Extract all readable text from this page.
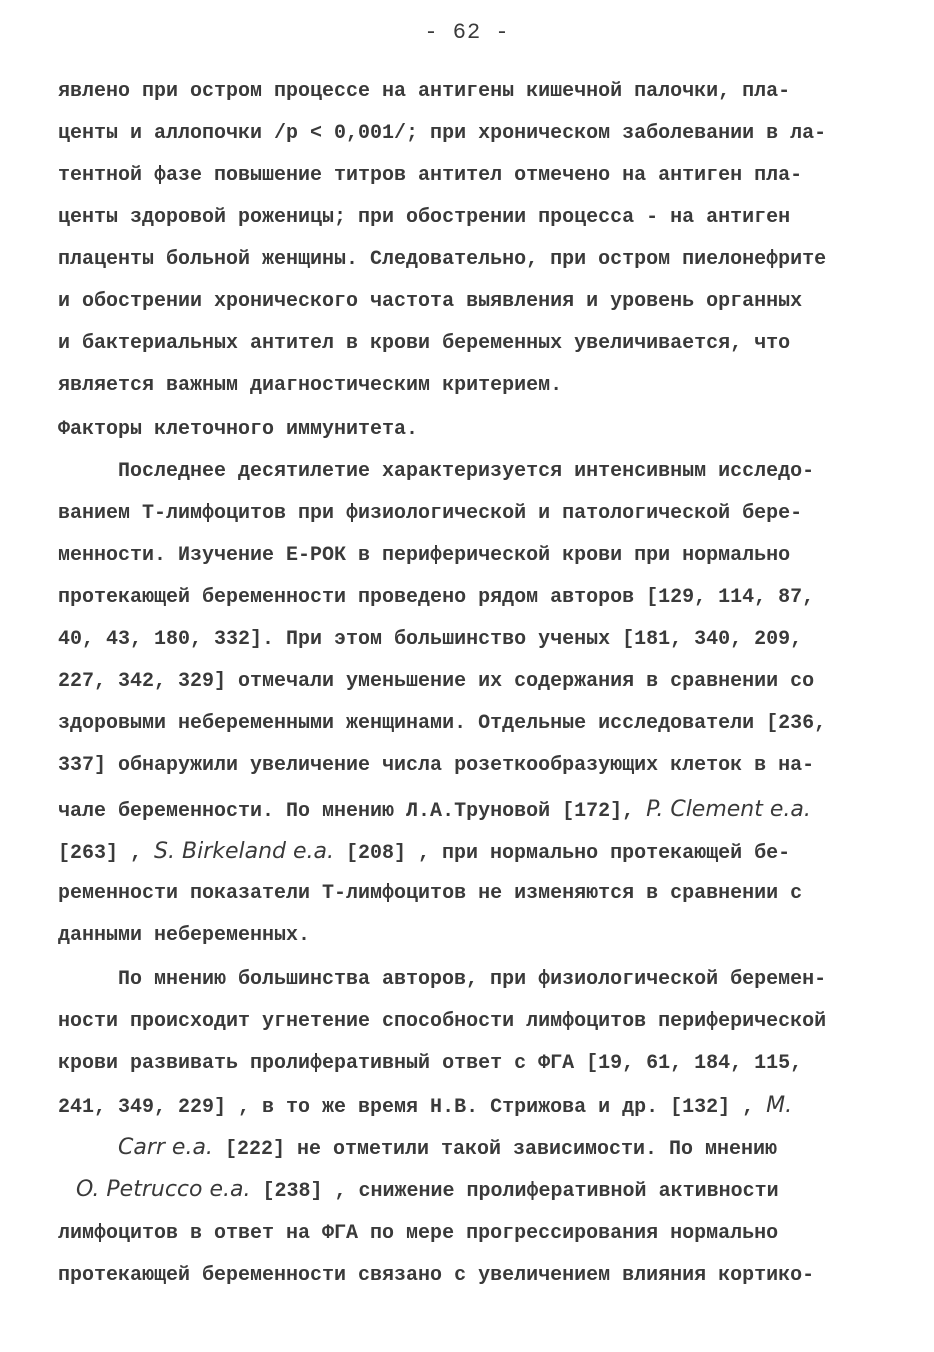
- 62 -
явлено при остром процессе на антигены кишечной палочки, пла-
центы и аллопочки /р < 0,001/; при хроническом заболевании в ла-
тентной фазе повышение титров антител отмечено на антиген пла-
центы здоровой роженицы; при обострении процесса - на антиген
плаценты больной женщины. Следовательно, при остром пиелонефрите
и обострении хронического частота выявления и уровень органных
и бактериальных антител в крови беременных увеличивается, что
является важным диагностическим критерием.
Факторы клеточного иммунитета.
Последнее десятилетие характеризуется интенсивным исследо-
ванием Т-лимфоцитов при физиологической и патологической бере-
менности. Изучение Е-РОК в периферической крови при нормально
протекающей беременности проведено рядом авторов [129, 114, 87,
40, 43, 180, 332]. При этом большинство ученых [181, 340, 209,
227, 342, 329] отмечали уменьшение их содержания в сравнении со
здоровыми небеременными женщинами. Отдельные исследователи [236,
337] обнаружили увеличение числа розеткообразующих клеток в на-
чале беременности. По мнению Л.А.Труновой [172], P. Clement e.a.
[263] , S. Birkeland e.a. [208] , при нормально протекающей бе-
ременности показатели Т-лимфоцитов не изменяются в сравнении с
данными небеременных.
По мнению большинства авторов, при физиологической беремен-
ности происходит угнетение способности лимфоцитов периферической
крови развивать пролиферативный ответ с ФГА [19, 61, 184, 115,
241, 349, 229] , в то же время Н.В. Стрижова и др. [132] , M.
Carr e.a. [222] не отметили такой зависимости. По мнению
O. Petrucco e.a. [238] , снижение пролиферативной активности
лимфоцитов в ответ на ФГА по мере прогрессирования нормально
протекающей беременности связано с увеличением влияния кортико-
